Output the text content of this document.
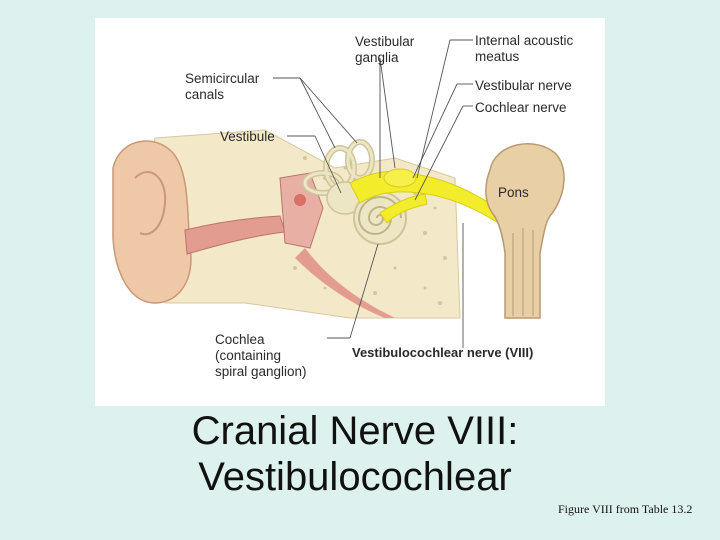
Vestibular
ganglia
Internal acoustic
meatus
Semicircular
canals
Vestibular nerve
Cochlear nerve
Vestibule
Pons
Cochlea
(containing
spiral ganglion)
Vestibulocochlear nerve (VIII)
Cranial Nerve VIII:
Vestibulocochlear
Figure VIII from Table 13.2
